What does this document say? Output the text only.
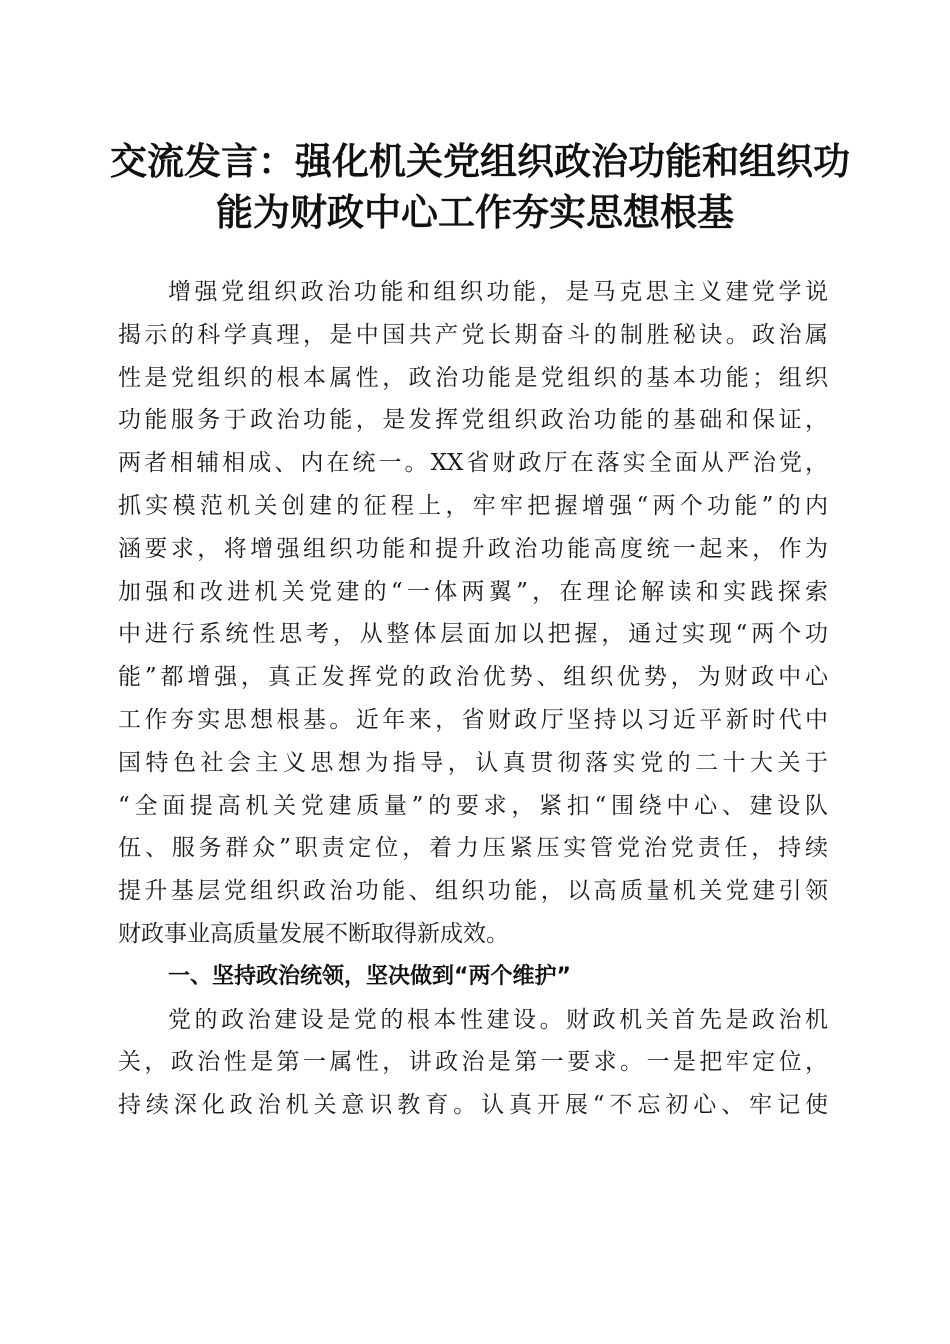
交流发言：强化机关党组织政治功能和组织功
能为财政中心工作夯实思想根基
增强党组织政治功能和组织功能，是马克思主义建党学说
揭示的科学真理，是中国共产党长期奋斗的制胜秘诀。政治属
性是党组织的根本属性，政治功能是党组织的基本功能；组织
功能服务于政治功能，是发挥党组织政治功能的基础和保证，
两者相辅相成、内在统一。XX省财政厅在落实全面从严治党，
抓实模范机关创建的征程上，牢牢把握增强“两个功能”的内
涵要求，将增强组织功能和提升政治功能高度统一起来，作为
加强和改进机关党建的“一体两翼”，在理论解读和实践探索
中进行系统性思考，从整体层面加以把握，通过实现“两个功
能”都增强，真正发挥党的政治优势、组织优势，为财政中心
工作夯实思想根基。近年来，省财政厅坚持以习近平新时代中
国特色社会主义思想为指导，认真贯彻落实党的二十大关于
“全面提高机关党建质量”的要求，紧扣“围绕中心、建设队
伍、服务群众”职责定位，着力压紧压实管党治党责任，持续
提升基层党组织政治功能、组织功能，以高质量机关党建引领
财政事业高质量发展不断取得新成效。
一、坚持政治统领，坚决做到“两个维护”
党的政治建设是党的根本性建设。财政机关首先是政治机
关，政治性是第一属性，讲政治是第一要求。一是把牢定位，
持续深化政治机关意识教育。认真开展“不忘初心、牢记使
